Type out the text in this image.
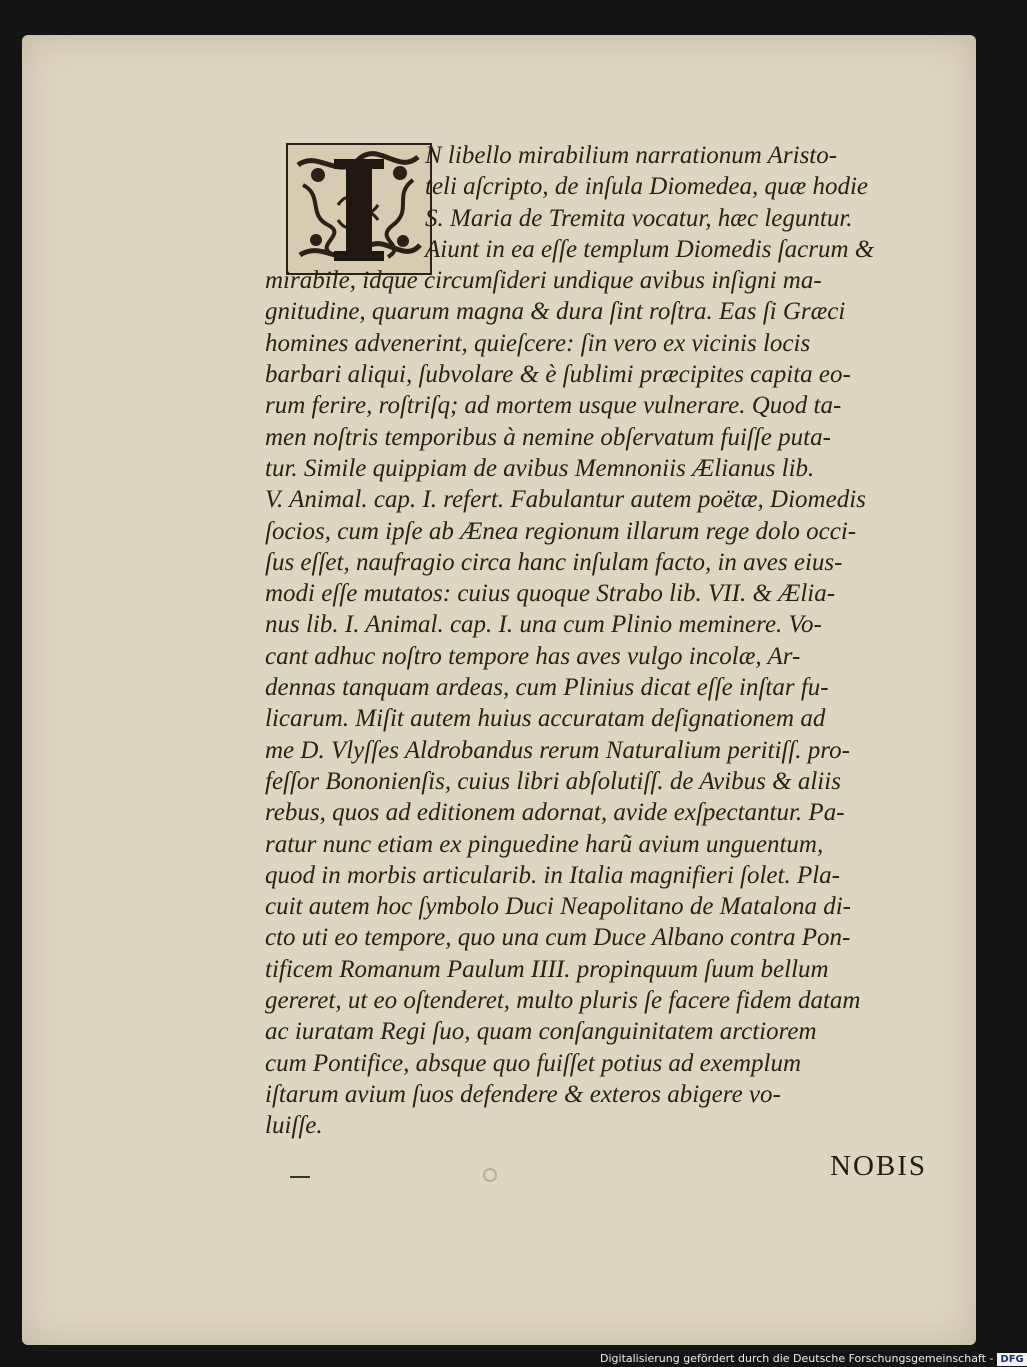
N libello mirabilium narrationum Aristo-
teli aſcripto, de inſula Diomedea, quæ hodie
S. Maria de Tremita vocatur, hæc leguntur.
Aiunt in ea eſſe templum Diomedis ſacrum &
mirabile, idque circumſideri undique avibus inſigni ma-
gnitudine, quarum magna & dura ſint roſtra. Eas ſi Græci
homines advenerint, quieſcere: ſin vero ex vicinis locis
barbari aliqui, ſubvolare & è ſublimi præcipites capita eo-
rum ferire, roſtriſq; ad mortem usque vulnerare. Quod ta-
men noſtris temporibus à nemine obſervatum fuiſſe puta-
tur. Simile quippiam de avibus Memnoniis Ælianus lib.
V. Animal. cap. I. refert. Fabulantur autem poëtæ, Diomedis
ſocios, cum ipſe ab Ænea regionum illarum rege dolo occi-
ſus eſſet, naufragio circa hanc inſulam facto, in aves eius-
modi eſſe mutatos: cuius quoque Strabo lib. VII. & Ælia-
nus lib. I. Animal. cap. I. una cum Plinio meminere. Vo-
cant adhuc noſtro tempore has aves vulgo incolæ, Ar-
dennas tanquam ardeas, cum Plinius dicat eſſe inſtar fu-
licarum. Miſit autem huius accuratam deſignationem ad
me D. Vlyſſes Aldrobandus rerum Naturalium peritiſſ. pro-
feſſor Bononienſis, cuius libri abſolutiſſ. de Avibus & aliis
rebus, quos ad editionem adornat, avide exſpectantur. Pa-
ratur nunc etiam ex pinguedine harũ avium unguentum,
quod in morbis articularib. in Italia magnifieri ſolet. Pla-
cuit autem hoc ſymbolo Duci Neapolitano de Matalona di-
cto uti eo tempore, quo una cum Duce Albano contra Pon-
tificem Romanum Paulum IIII. propinquum ſuum bellum
gereret, ut eo oſtenderet, multo pluris ſe facere fidem datam
ac iuratam Regi ſuo, quam conſanguinitatem arctiorem
cum Pontifice, absque quo fuiſſet potius ad exemplum
iſtarum avium ſuos defendere & exteros abigere vo-
luiſſe.
NOBIS
Digitalisierung gefördert durch die Deutsche Forschungsgemeinschaft - DFG
